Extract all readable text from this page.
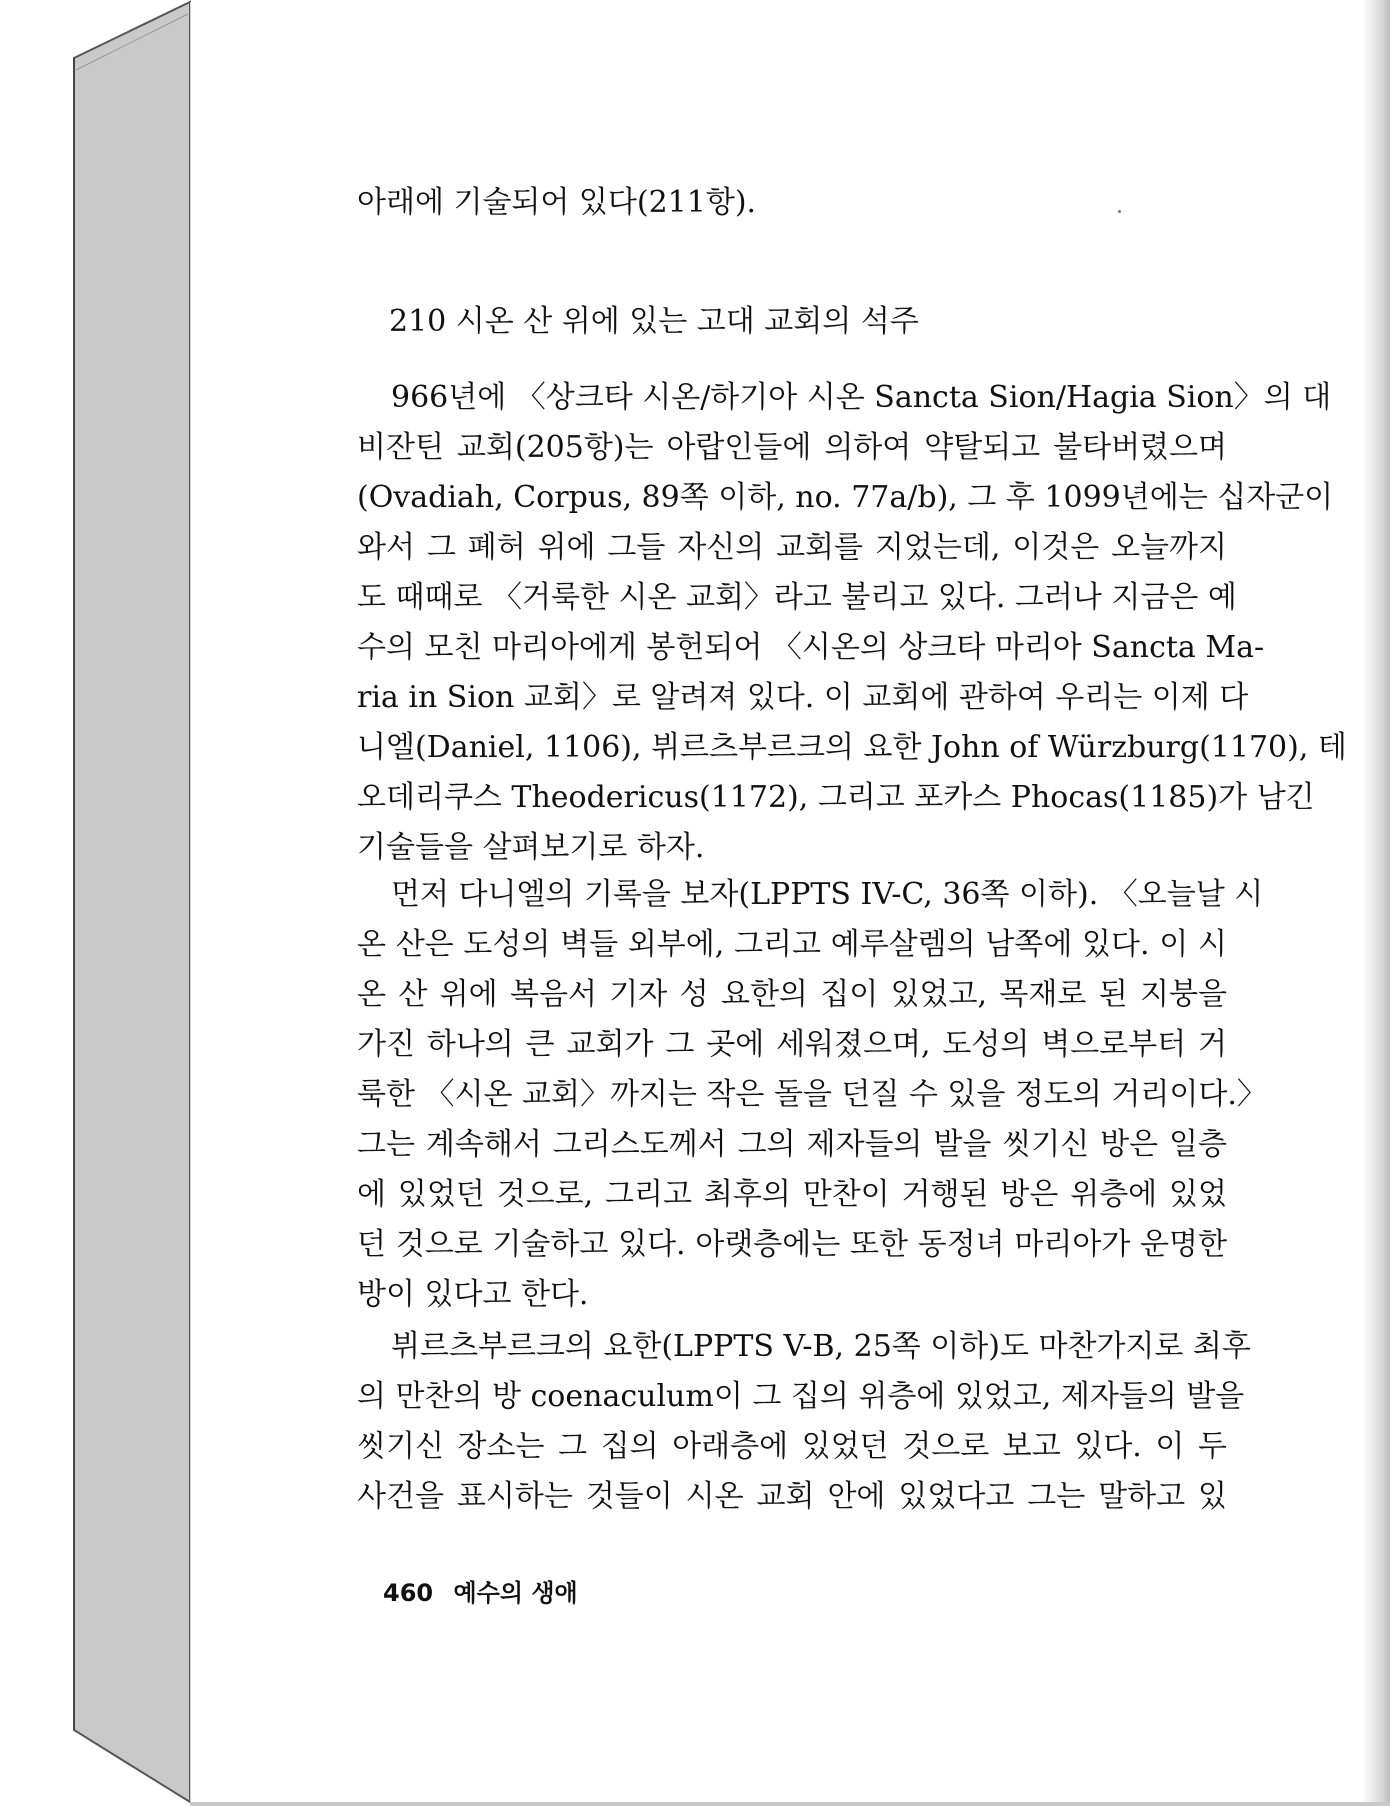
아래에 기술되어 있다(211항).
210 시온 산 위에 있는 고대 교회의 석주
966년에 〈상크타 시온/하기아 시온 Sancta Sion/Hagia Sion〉의 대
비잔틴 교회(205항)는 아랍인들에 의하여 약탈되고 불타버렸으며
(Ovadiah, Corpus, 89쪽 이하, no. 77a/b), 그 후 1099년에는 십자군이
와서 그 폐허 위에 그들 자신의 교회를 지었는데, 이것은 오늘까지
도 때때로 〈거룩한 시온 교회〉라고 불리고 있다. 그러나 지금은 예
수의 모친 마리아에게 봉헌되어 〈시온의 상크타 마리아 Sancta Ma-
ria in Sion 교회〉로 알려져 있다. 이 교회에 관하여 우리는 이제 다
니엘(Daniel, 1106), 뷔르츠부르크의 요한 John of Würzburg(1170), 테
오데리쿠스 Theodericus(1172), 그리고 포카스 Phocas(1185)가 남긴
기술들을 살펴보기로 하자.
먼저 다니엘의 기록을 보자(LPPTS IV-C, 36쪽 이하). 〈오늘날 시
온 산은 도성의 벽들 외부에, 그리고 예루살렘의 남쪽에 있다. 이 시
온 산 위에 복음서 기자 성 요한의 집이 있었고, 목재로 된 지붕을
가진 하나의 큰 교회가 그 곳에 세워졌으며, 도성의 벽으로부터 거
룩한 〈시온 교회〉까지는 작은 돌을 던질 수 있을 정도의 거리이다.〉
그는 계속해서 그리스도께서 그의 제자들의 발을 씻기신 방은 일층
에 있었던 것으로, 그리고 최후의 만찬이 거행된 방은 위층에 있었
던 것으로 기술하고 있다. 아랫층에는 또한 동정녀 마리아가 운명한
방이 있다고 한다.
뷔르츠부르크의 요한(LPPTS V-B, 25쪽 이하)도 마찬가지로 최후
의 만찬의 방 coenaculum이 그 집의 위층에 있었고, 제자들의 발을
씻기신 장소는 그 집의 아래층에 있었던 것으로 보고 있다. 이 두
사건을 표시하는 것들이 시온 교회 안에 있었다고 그는 말하고 있
460 예수의 생애
